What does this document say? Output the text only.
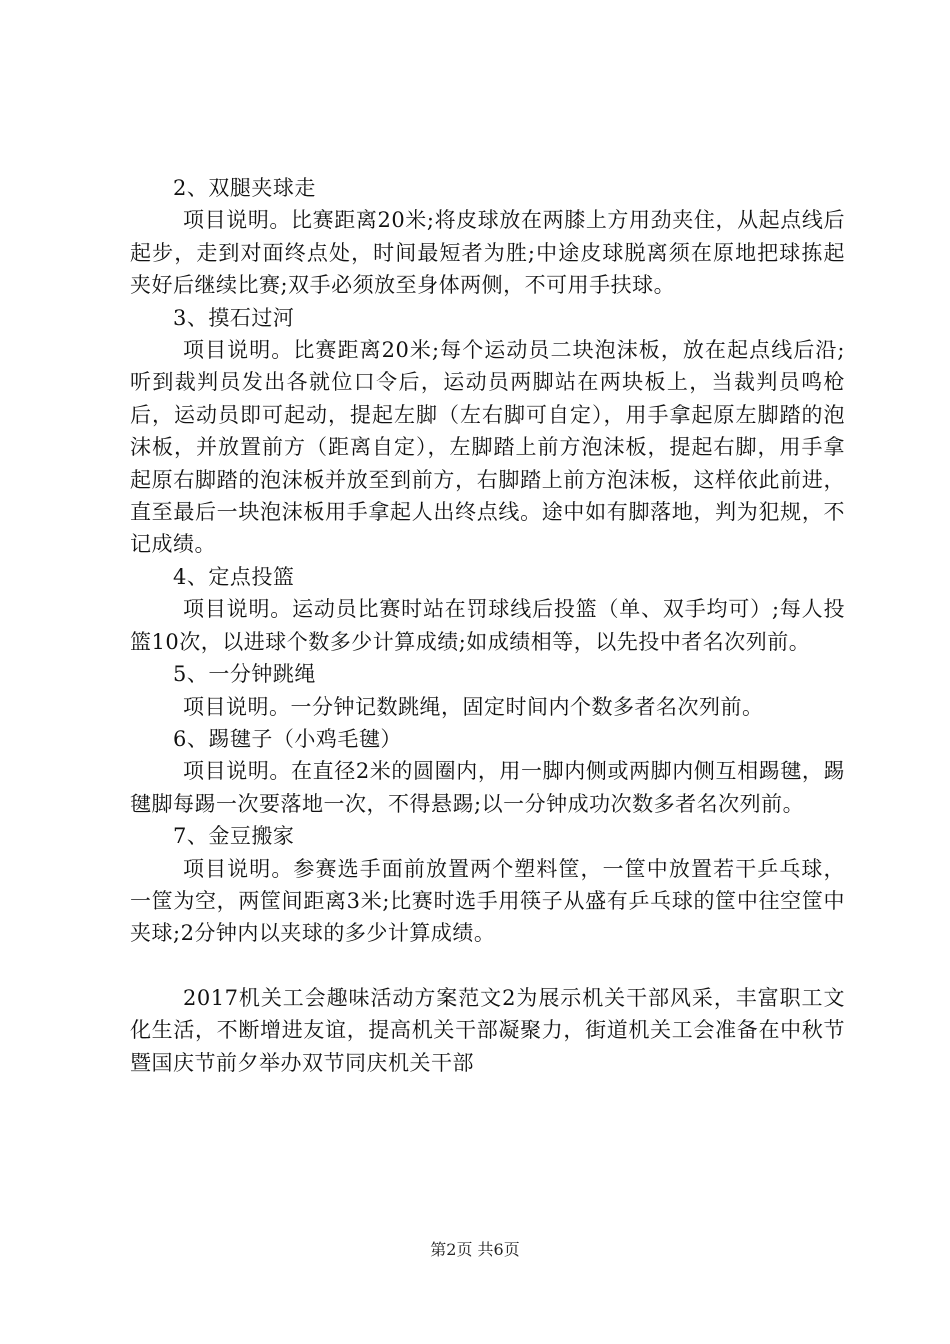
2、双腿夹球走

项目说明。比赛距离20米;将皮球放在两膝上方用劲夹住，从起点线后起步，走到对面终点处，时间最短者为胜;中途皮球脱离须在原地把球拣起夹好后继续比赛;双手必须放至身体两侧，不可用手扶球。

3、摸石过河

项目说明。比赛距离20米;每个运动员二块泡沫板，放在起点线后沿;听到裁判员发出各就位口令后，运动员两脚站在两块板上，当裁判员鸣枪后，运动员即可起动，提起左脚（左右脚可自定），用手拿起原左脚踏的泡沫板，并放置前方（距离自定），左脚踏上前方泡沫板，提起右脚，用手拿起原右脚踏的泡沫板并放至到前方，右脚踏上前方泡沫板，这样依此前进，直至最后一块泡沫板用手拿起人出终点线。途中如有脚落地，判为犯规，不记成绩。

4、定点投篮

项目说明。运动员比赛时站在罚球线后投篮（单、双手均可）;每人投篮10次，以进球个数多少计算成绩;如成绩相等，以先投中者名次列前。

5、一分钟跳绳

项目说明。一分钟记数跳绳，固定时间内个数多者名次列前。

6、踢毽子（小鸡毛毽）

项目说明。在直径2米的圆圈内，用一脚内侧或两脚内侧互相踢毽，踢毽脚每踢一次要落地一次，不得悬踢;以一分钟成功次数多者名次列前。

7、金豆搬家

项目说明。参赛选手面前放置两个塑料筐，一筐中放置若干乒乓球，一筐为空，两筐间距离3米;比赛时选手用筷子从盛有乒乓球的筐中往空筐中夹球;2分钟内以夹球的多少计算成绩。

2017机关工会趣味活动方案范文2为展示机关干部风采，丰富职工文化生活，不断增进友谊，提高机关干部凝聚力，街道机关工会准备在中秋节暨国庆节前夕举办双节同庆机关干部

第2页 共6页
